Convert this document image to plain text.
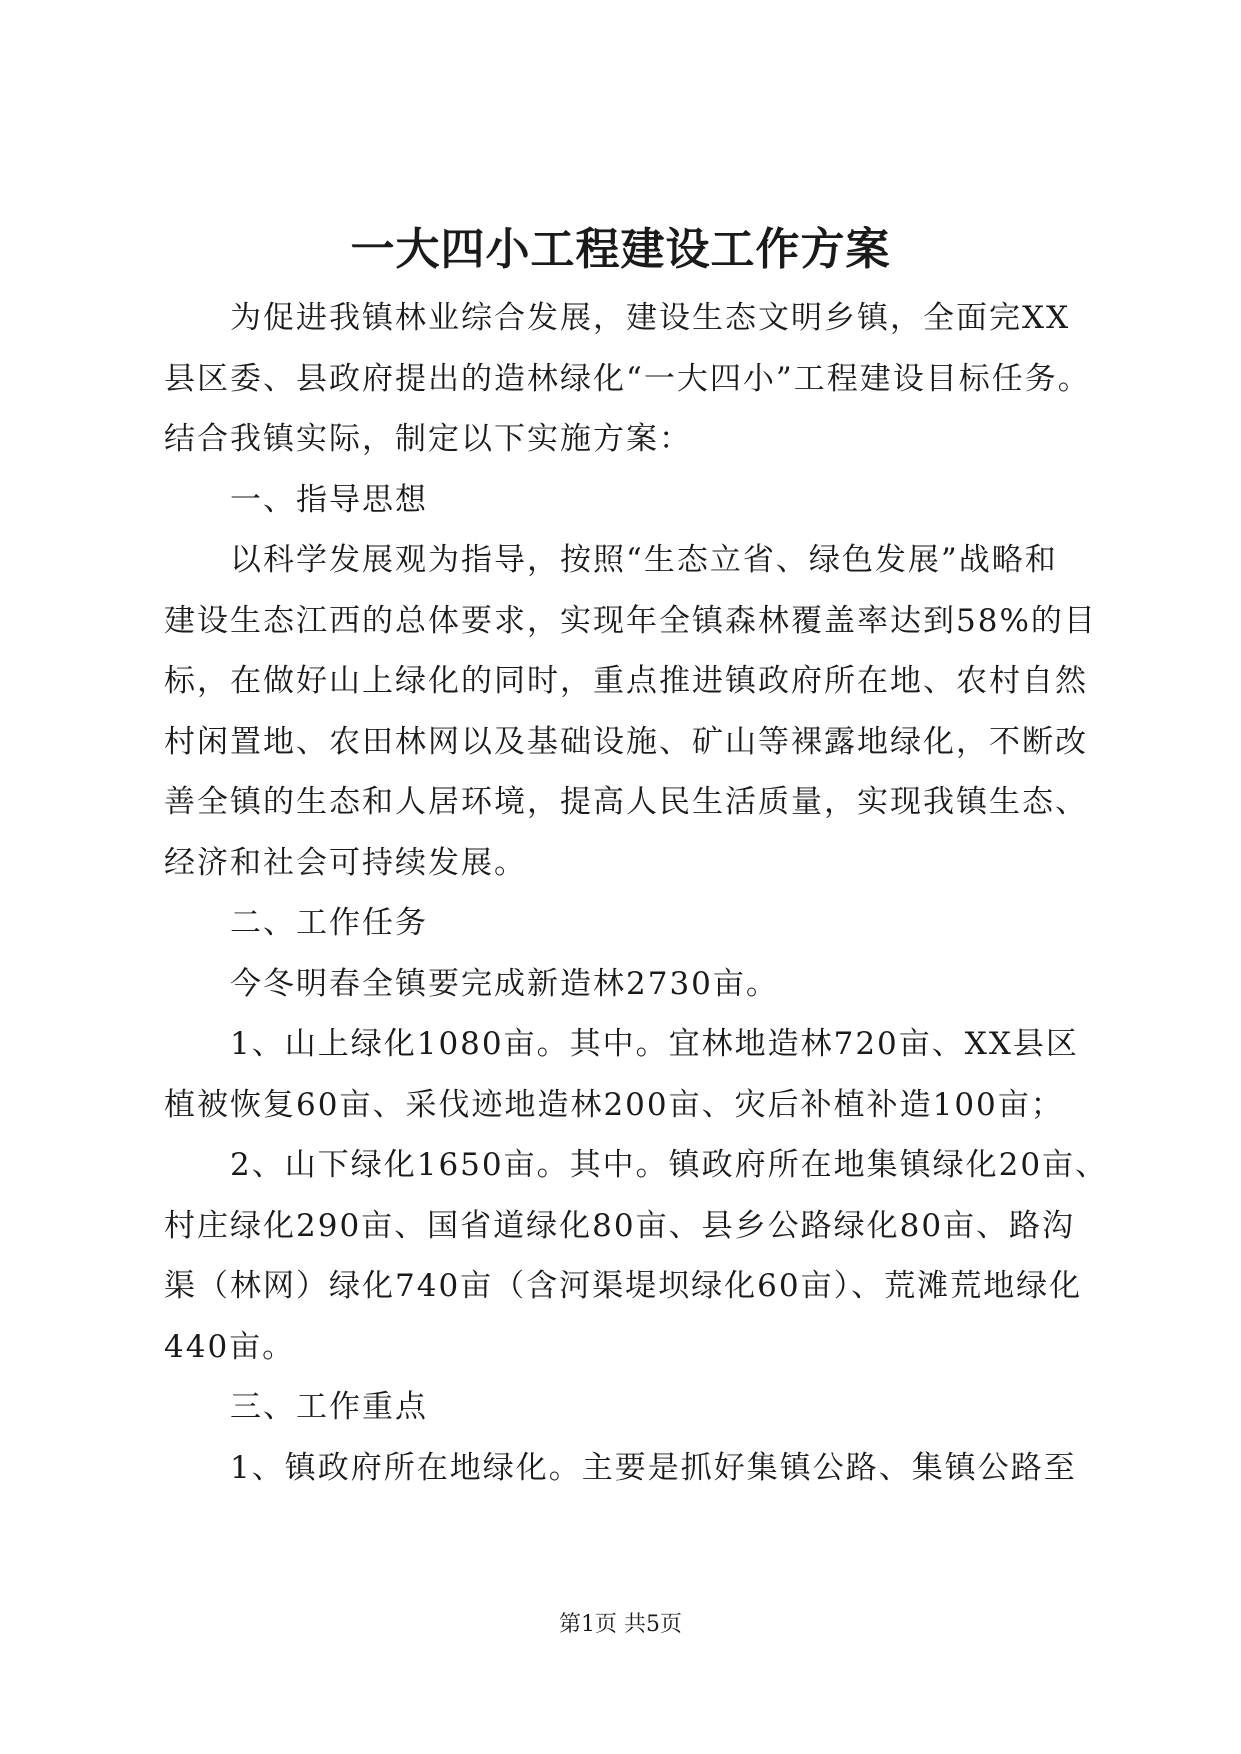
一大四小工程建设工作方案

为促进我镇林业综合发展，建设生态文明乡镇，全面完XX

县区委、县政府提出的造林绿化“一大四小”工程建设目标任务。

结合我镇实际，制定以下实施方案：

一、指导思想

以科学发展观为指导，按照“生态立省、绿色发展”战略和

建设生态江西的总体要求，实现年全镇森林覆盖率达到58%的目

标，在做好山上绿化的同时，重点推进镇政府所在地、农村自然

村闲置地、农田林网以及基础设施、矿山等裸露地绿化，不断改

善全镇的生态和人居环境，提高人民生活质量，实现我镇生态、

经济和社会可持续发展。

二、工作任务

今冬明春全镇要完成新造林2730亩。

1、山上绿化1080亩。其中。宜林地造林720亩、XX县区

植被恢复60亩、采伐迹地造林200亩、灾后补植补造100亩；

2、山下绿化1650亩。其中。镇政府所在地集镇绿化20亩、

村庄绿化290亩、国省道绿化80亩、县乡公路绿化80亩、路沟

渠（林网）绿化740亩（含河渠堤坝绿化60亩）、荒滩荒地绿化

440亩。

三、工作重点

1、镇政府所在地绿化。主要是抓好集镇公路、集镇公路至

第1页 共5页
